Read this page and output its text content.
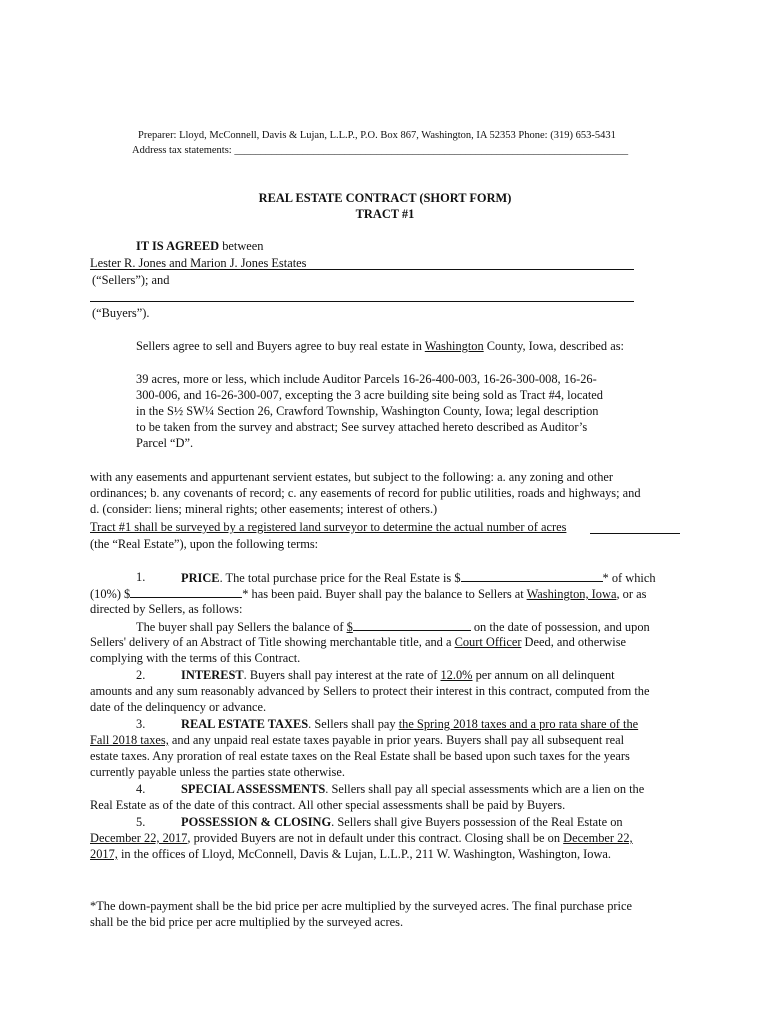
Preparer: Lloyd, McConnell, Davis & Lujan, L.L.P., P.O. Box 867, Washington, IA 52353 Phone: (319) 653-5431
Address tax statements: ___________________________________________________________________________
REAL ESTATE CONTRACT (SHORT FORM)
TRACT #1
IT IS AGREED between
Lester R. Jones and Marion J. Jones Estates
(“Sellers”); and
(“Buyers”).
Sellers agree to sell and Buyers agree to buy real estate in Washington County, Iowa, described as:
39 acres, more or less, which include Auditor Parcels 16-26-400-003, 16-26-300-008, 16-26-
300-006, and 16-26-300-007, excepting the 3 acre building site being sold as Tract #4, located
in the S½ SW¼ Section 26, Crawford Township, Washington County, Iowa; legal description
to be taken from the survey and abstract; See survey attached hereto described as Auditor’s
Parcel “D”.
with any easements and appurtenant servient estates, but subject to the following: a. any zoning and other
ordinances; b. any covenants of record; c. any easements of record for public utilities, roads and highways; and
d. (consider: liens; mineral rights; other easements; interest of others.)
Tract #1 shall be surveyed by a registered land surveyor to determine the actual number of acres
(the “Real Estate”), upon the following terms:
1.	PRICE. The total purchase price for the Real Estate is $	* of which
(10%) $	* has been paid. Buyer shall pay the balance to Sellers at Washington, Iowa, or as
directed by Sellers, as follows:
The buyer shall pay Sellers the balance of $	on the date of possession, and upon
Sellers' delivery of an Abstract of Title showing merchantable title, and a Court Officer Deed, and otherwise
complying with the terms of this Contract.
2.	INTEREST. Buyers shall pay interest at the rate of 12.0% per annum on all delinquent
amounts and any sum reasonably advanced by Sellers to protect their interest in this contract, computed from the
date of the delinquency or advance.
3.	REAL ESTATE TAXES. Sellers shall pay the Spring 2018 taxes and a pro rata share of the
Fall 2018 taxes, and any unpaid real estate taxes payable in prior years. Buyers shall pay all subsequent real
estate taxes. Any proration of real estate taxes on the Real Estate shall be based upon such taxes for the years
currently payable unless the parties state otherwise.
4.	SPECIAL ASSESSMENTS. Sellers shall pay all special assessments which are a lien on the
Real Estate as of the date of this contract. All other special assessments shall be paid by Buyers.
5.	POSSESSION & CLOSING. Sellers shall give Buyers possession of the Real Estate on
December 22, 2017, provided Buyers are not in default under this contract. Closing shall be on December 22,
2017, in the offices of Lloyd, McConnell, Davis & Lujan, L.L.P., 211 W. Washington, Washington, Iowa.
*The down-payment shall be the bid price per acre multiplied by the surveyed acres. The final purchase price
shall be the bid price per acre multiplied by the surveyed acres.
